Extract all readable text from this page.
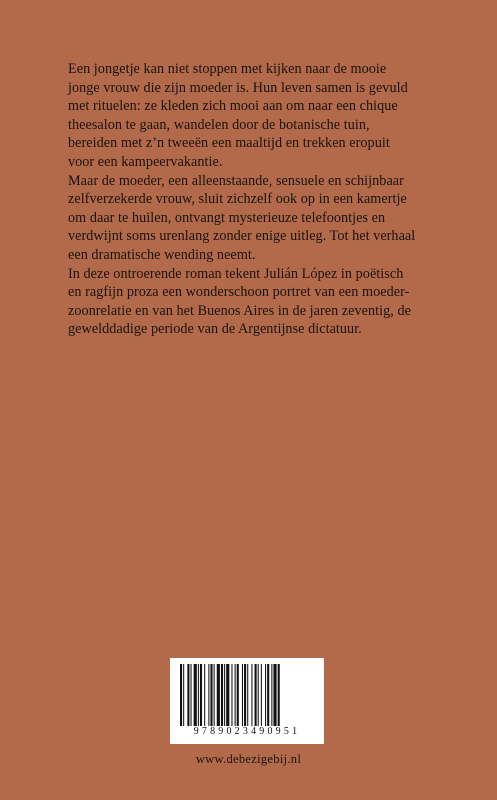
Een jongetje kan niet stoppen met kijken naar de mooie jonge vrouw die zijn moeder is. Hun leven samen is gevuld met rituelen: ze kleden zich mooi aan om naar een chique theesalon te gaan, wandelen door de botanische tuin, bereiden met z’n tweeën een maaltijd en trekken eropuit voor een kampeervakantie.

Maar de moeder, een alleenstaande, sensuele en schijnbaar zelfverzekerde vrouw, sluit zichzelf ook op in een kamertje om daar te huilen, ontvangt mysterieuze telefoontjes en verdwijnt soms urenlang zonder enige uitleg. Tot het verhaal een dramatische wending neemt.

In deze ontroerende roman tekent Julián López in poëtisch en ragfijn proza een wonderschoon portret van een moeder-zoonrelatie en van het Buenos Aires in de jaren zeventig, de gewelddadige periode van de Argentijnse dictatuur.

9789023490951
www.debezigebij.nl
